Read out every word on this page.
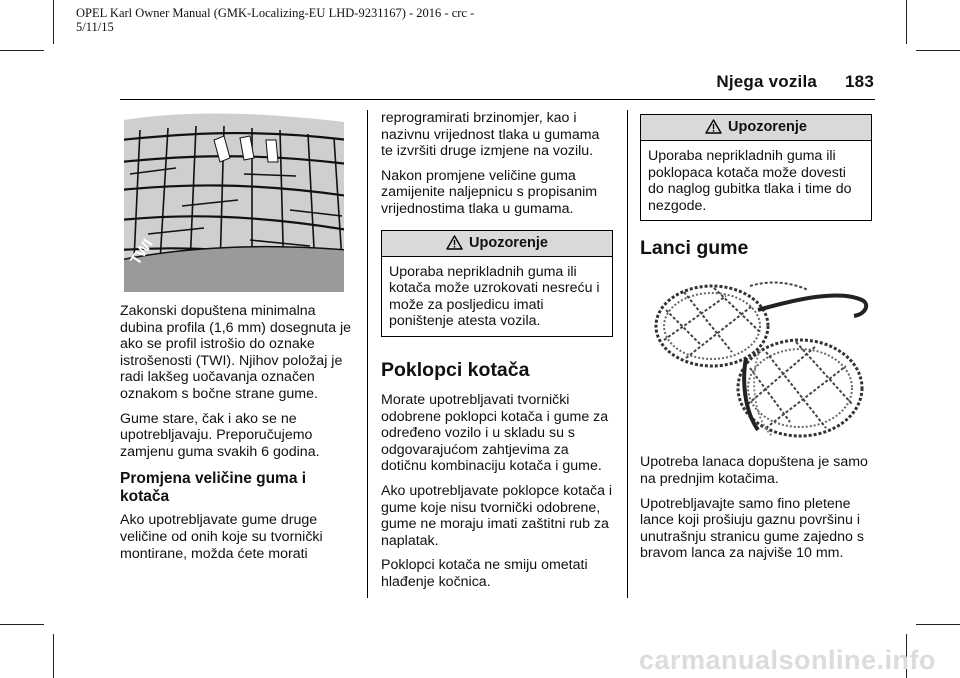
OPEL Karl Owner Manual (GMK-Localizing-EU LHD-9231167) - 2016 - crc -
5/11/15
Njega vozila 183
TWI

Zakonski dopuštena minimalna dubina profila (1,6 mm) dosegnuta je ako se profil istrošio do oznake istrošenosti (TWI). Njihov položaj je radi lakšeg uočavanja označen oznakom s bočne strane gume.

Gume stare, čak i ako se ne upotrebljavaju. Preporučujemo zamjenu guma svakih 6 godina.

Promjena veličine guma i kotača

Ako upotrebljavate gume druge veličine od onih koje su tvornički montirane, možda ćete morati

reprogramirati brzinomjer, kao i nazivnu vrijednost tlaka u gumama te izvršiti druge izmjene na vozilu.

Nakon promjene veličine guma zamijenite naljepnicu s propisanim vrijednostima tlaka u gumama.

Upozorenje
Uporaba neprikladnih guma ili kotača može uzrokovati nesreću i može za posljedicu imati poništenje atesta vozila.
Poklopci kotača

Morate upotrebljavati tvornički odobrene poklopci kotača i gume za određeno vozilo i u skladu su s odgovarajućom zahtjevima za dotičnu kombinaciju kotača i gume.

Ako upotrebljavate poklopce kotača i gume koje nisu tvornički odobrene, gume ne moraju imati zaštitni rub za naplatak.

Poklopci kotača ne smiju ometati hlađenje kočnica.

Upozorenje
Uporaba neprikladnih guma ili poklopaca kotača može dovesti do naglog gubitka tlaka i time do nezgode.
Lanci gume

Upotreba lanaca dopuštena je samo na prednjim kotačima.

Upotrebljavajte samo fino pletene lance koji prošiuju gaznu površinu i unutrašnju stranicu gume zajedno s bravom lanca za najviše 10 mm.

carmanualsonline.info
